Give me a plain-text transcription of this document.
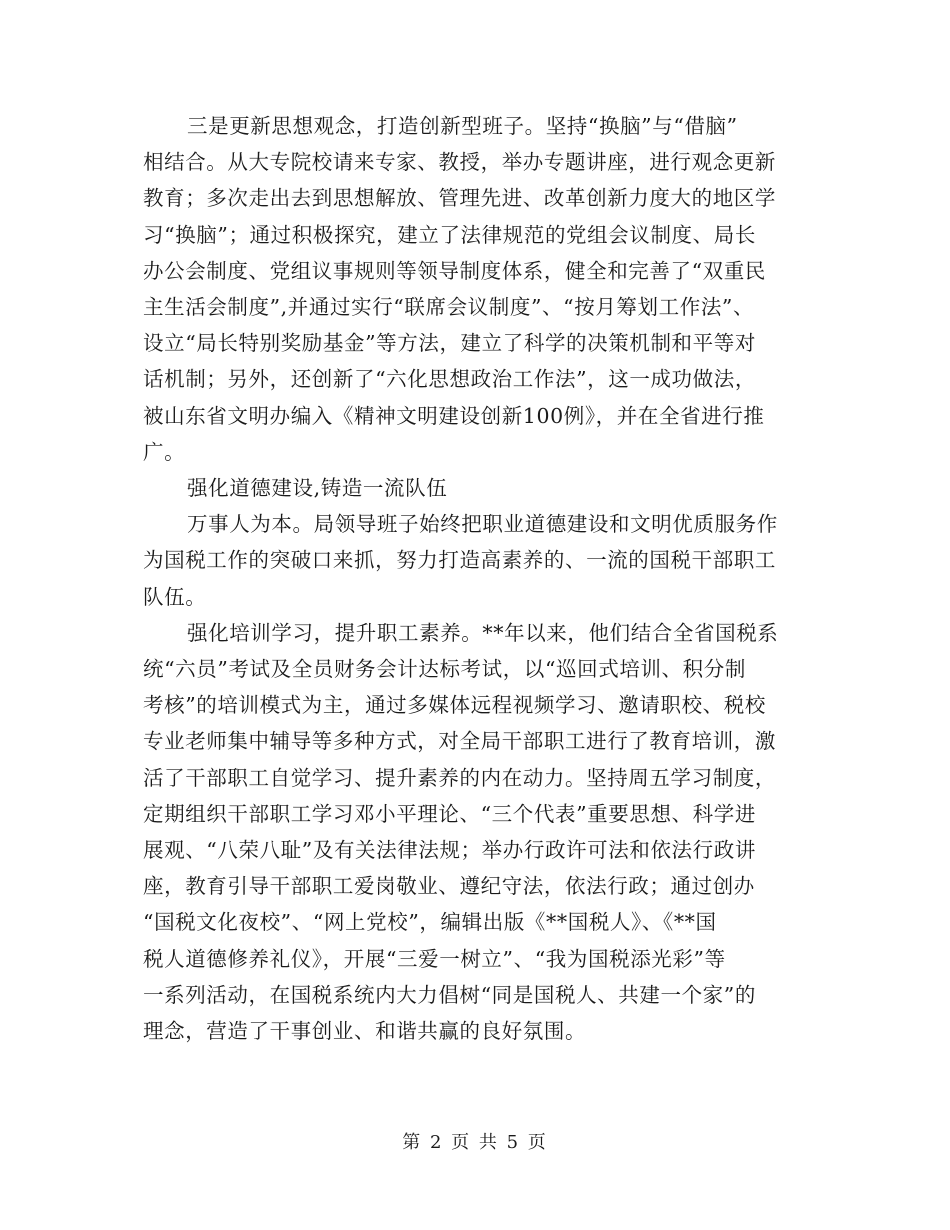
三是更新思想观念，打造创新型班子。坚持“换脑”与“借脑”
相结合。从大专院校请来专家、教授，举办专题讲座，进行观念更新
教育；多次走出去到思想解放、管理先进、改革创新力度大的地区学
习“换脑”；通过积极探究，建立了法律规范的党组会议制度、局长
办公会制度、党组议事规则等领导制度体系，健全和完善了“双重民
主生活会制度”,并通过实行“联席会议制度”、“按月筹划工作法”、
设立“局长特别奖励基金”等方法，建立了科学的决策机制和平等对
话机制；另外，还创新了“六化思想政治工作法”，这一成功做法，
被山东省文明办编入《精神文明建设创新100例》，并在全省进行推
广。

强化道德建设,铸造一流队伍

万事人为本。局领导班子始终把职业道德建设和文明优质服务作
为国税工作的突破口来抓，努力打造高素养的、一流的国税干部职工
队伍。

强化培训学习，提升职工素养。**年以来，他们结合全省国税系
统“六员”考试及全员财务会计达标考试，以“巡回式培训、积分制
考核”的培训模式为主，通过多媒体远程视频学习、邀请职校、税校
专业老师集中辅导等多种方式，对全局干部职工进行了教育培训，激
活了干部职工自觉学习、提升素养的内在动力。坚持周五学习制度，
定期组织干部职工学习邓小平理论、“三个代表”重要思想、科学进
展观、“八荣八耻”及有关法律法规；举办行政许可法和依法行政讲
座，教育引导干部职工爱岗敬业、遵纪守法，依法行政；通过创办
“国税文化夜校”、“网上党校”，编辑出版《**国税人》、《**国
税人道德修养礼仪》，开展“三爱一树立”、“我为国税添光彩”等
一系列活动，在国税系统内大力倡树“同是国税人、共建一个家”的
理念，营造了干事创业、和谐共赢的良好氛围。

第 2 页 共 5 页
